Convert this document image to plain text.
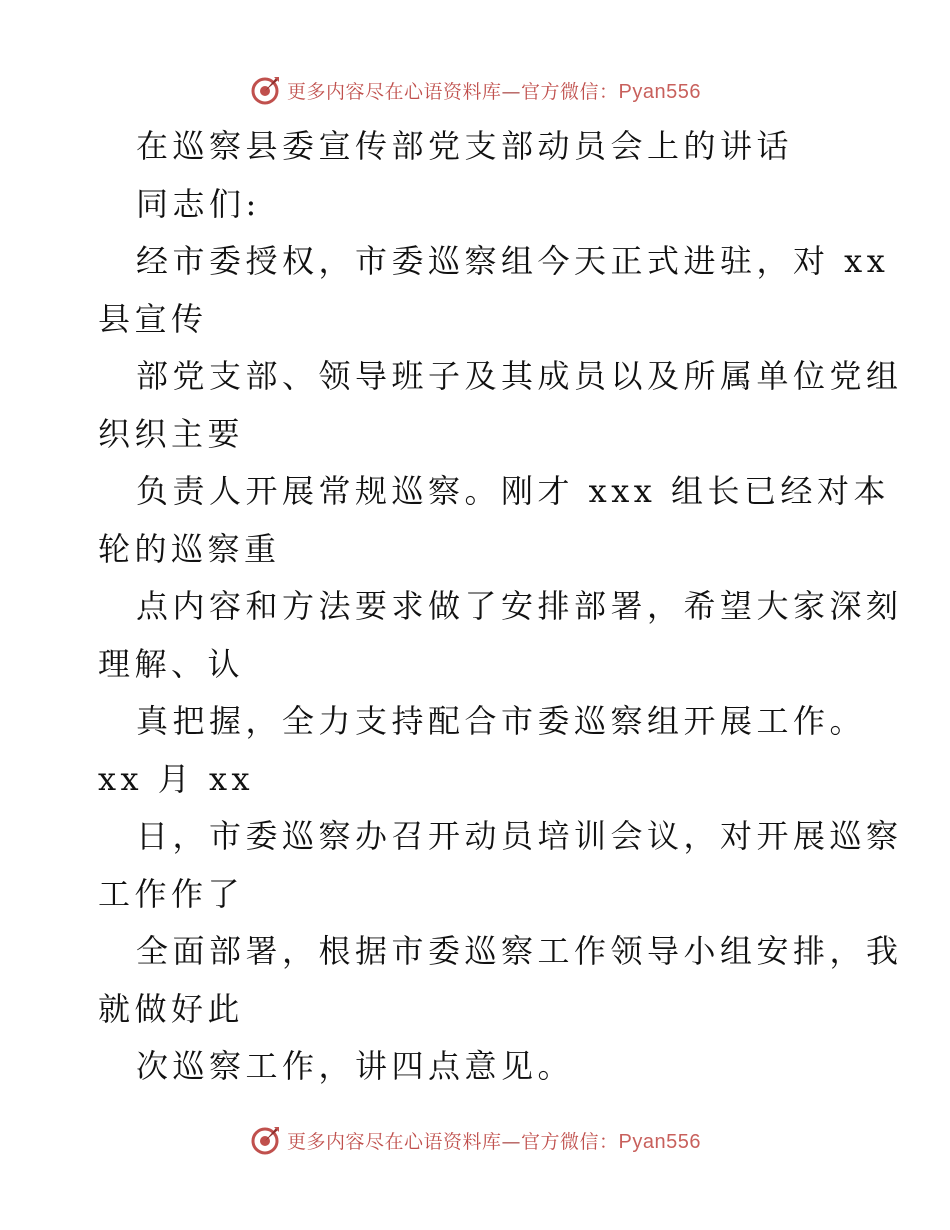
更多内容尽在心语资料库—官方微信：Pyan556
在巡察县委宣传部党支部动员会上的讲话
同志们:
经市委授权，市委巡察组今天正式进驻，对 xx
县宣传
部党支部、领导班子及其成员以及所属单位党组
织织主要
负责人开展常规巡察。刚才 xxx 组长已经对本
轮的巡察重
点内容和方法要求做了安排部署，希望大家深刻
理解、认
真把握，全力支持配合市委巡察组开展工作。
xx 月 xx
日，市委巡察办召开动员培训会议，对开展巡察
工作作了
全面部署，根据市委巡察工作领导小组安排，我
就做好此
次巡察工作，讲四点意见。
更多内容尽在心语资料库—官方微信：Pyan556
